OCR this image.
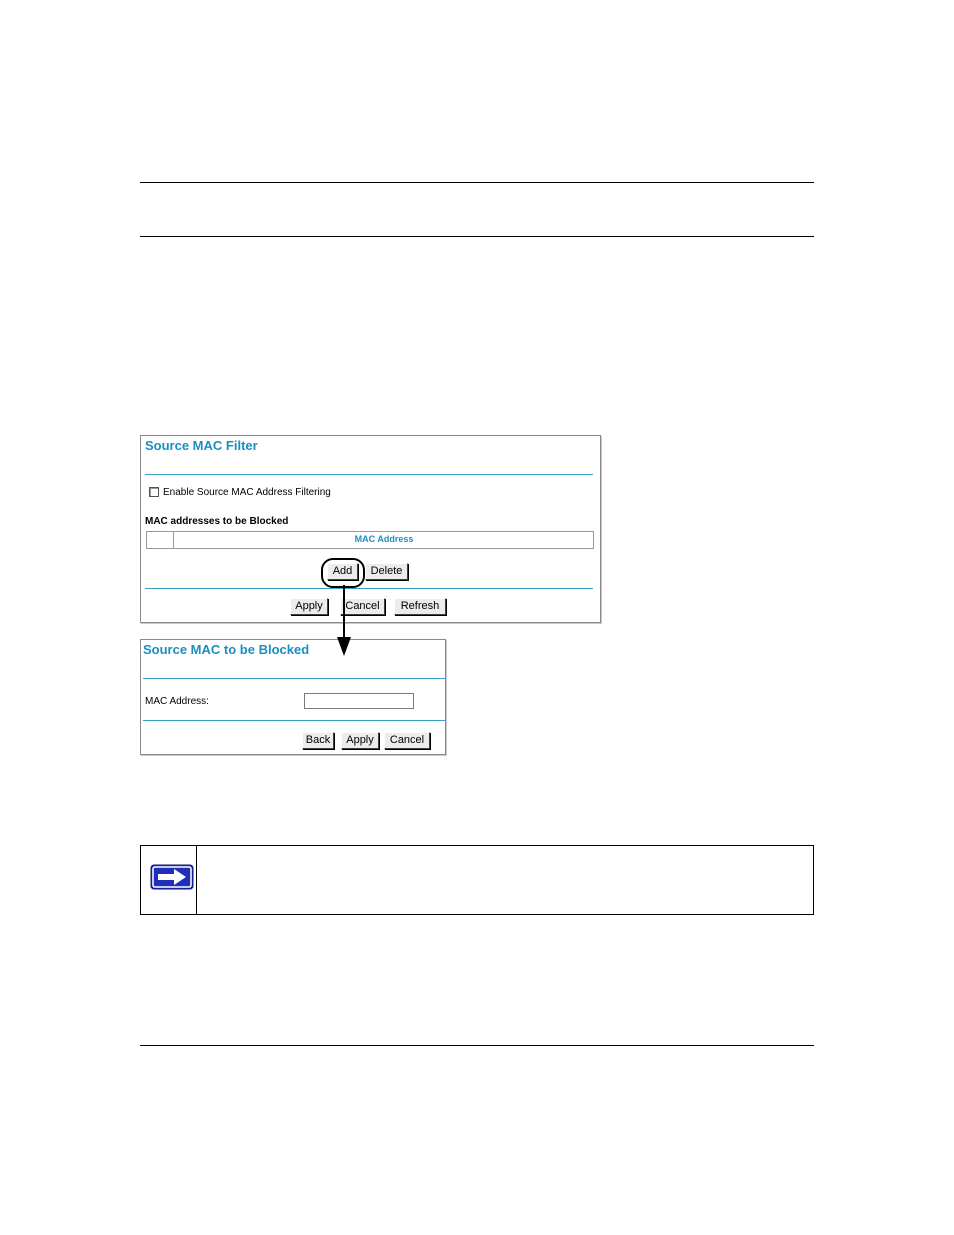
Source MAC Filter
Enable Source MAC Address Filtering
MAC addresses to be Blocked
MAC Address
Add	Delete
Apply	Cancel	Refresh
Source MAC to be Blocked
MAC Address:
Back	Apply	Cancel
